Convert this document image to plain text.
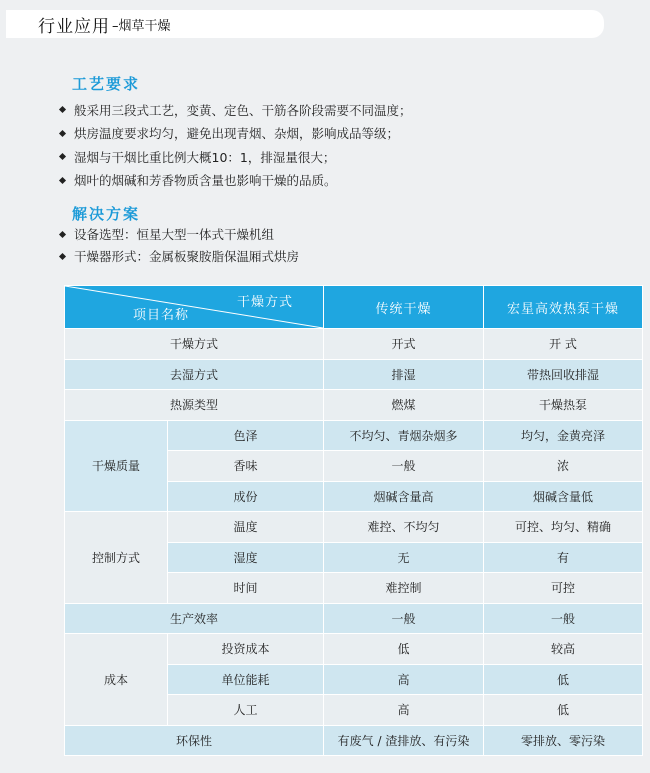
行业应用 –烟草干燥
工艺要求
般采用三段式工艺，变黄、定色、干筋各阶段需要不同温度；
烘房温度要求均匀，避免出现青烟、杂烟，影响成品等级；
湿烟与干烟比重比例大概10：1，排湿量很大；
烟叶的烟碱和芳香物质含量也影响干燥的品质。
解决方案
设备选型：恒星大型一体式干燥机组
干燥器形式：金属板聚胺脂保温厢式烘房
干燥方式
项目名称		传统干燥	宏星高效热泵干燥
干燥方式		开式	开 式
去湿方式		排湿	带热回收排湿
热源类型		燃煤	干燥热泵
干燥质量	色泽	不均匀、青烟杂烟多	均匀，金黄亮泽
	香味	一般	浓
	成份	烟碱含量高	烟碱含量低
控制方式	温度	难控、不均匀	可控、均匀、精确
	湿度	无	有
	时间	难控制	可控
生产效率		一般	一般
成本	投资成本	低	较高
	单位能耗	高	低
	人工	高	低
环保性		有废气 / 渣排放、有污染	零排放、零污染
